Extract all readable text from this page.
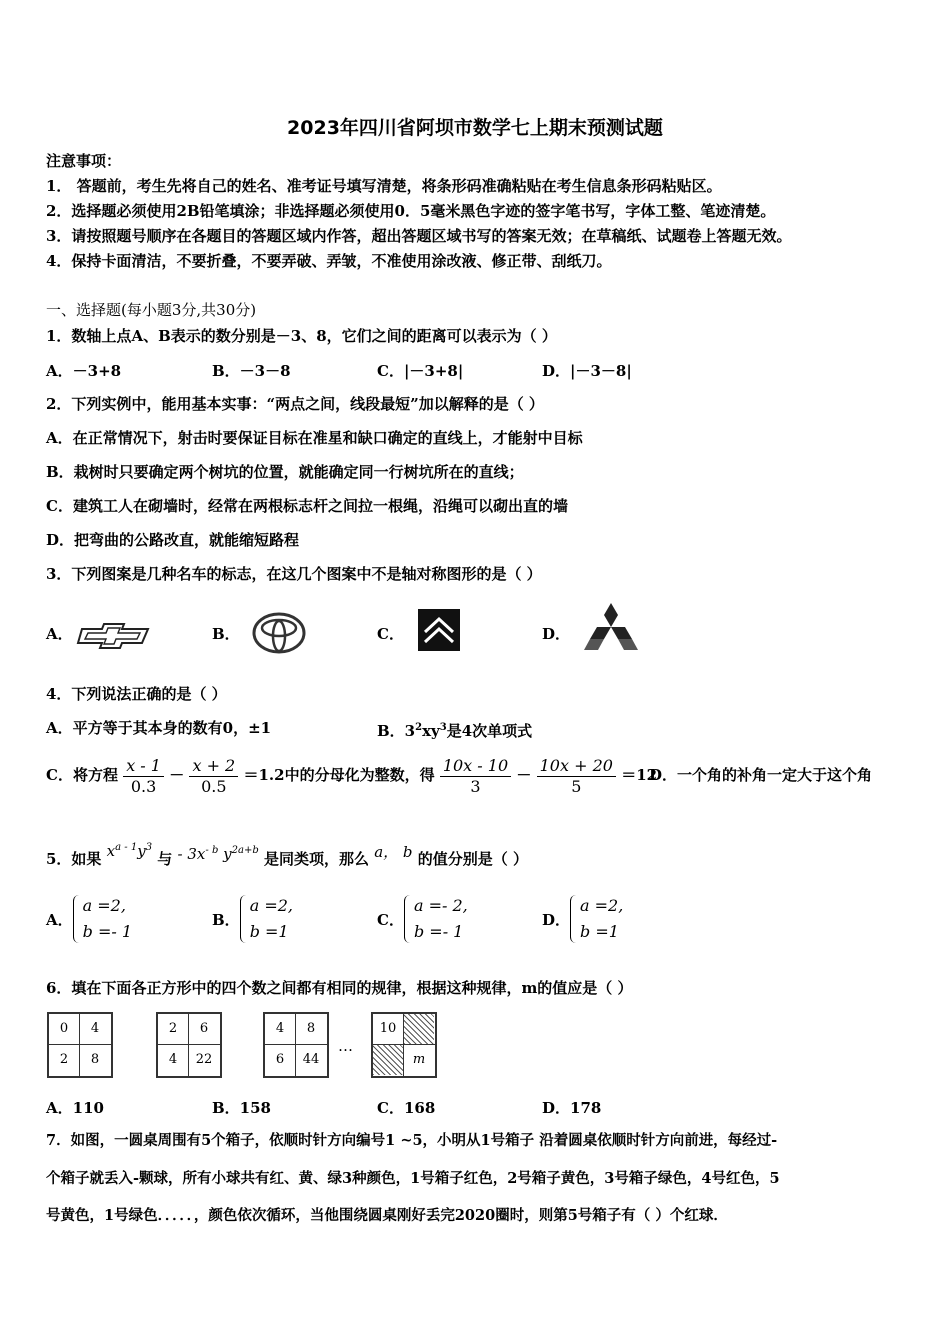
2023年四川省阿坝市数学七上期末预测试题
注意事项：
1． 答题前，考生先将自己的姓名、准考证号填写清楚，将条形码准确粘贴在考生信息条形码粘贴区。
2．选择题必须使用2B铅笔填涂；非选择题必须使用0．5毫米黑色字迹的签字笔书写，字体工整、笔迹清楚。
3．请按照题号顺序在各题目的答题区域内作答，超出答题区域书写的答案无效；在草稿纸、试题卷上答题无效。
4．保持卡面清洁，不要折叠，不要弄破、弄皱，不准使用涂改液、修正带、刮纸刀。
一、选择题(每小题3分,共30分)
1．数轴上点A、B表示的数分别是－3、8，它们之间的距离可以表示为（ ）
A．－3+8	B．－3－8	C．|－3+8|	D．|－3－8|
2．下列实例中，能用基本实事：“两点之间，线段最短”加以解释的是（ ）
A．在正常情况下，射击时要保证目标在准星和缺口确定的直线上，才能射中目标
B．栽树时只要确定两个树坑的位置，就能确定同一行树坑所在的直线；
C．建筑工人在砌墙时，经常在两根标志杆之间拉一根绳，沿绳可以砌出直的墙
D．把弯曲的公路改直，就能缩短路程
3．下列图案是几种名车的标志，在这几个图案中不是轴对称图形的是（ ）
A．	B．	C．	D．
4．下列说法正确的是（ ）
A．平方等于其本身的数有0，±1	B．$3^2xy^3$是4次单项式
C．将方程 $\frac{x - 1}{0.3} - \frac{x + 2}{0.5} =1.2$中的分母化为整数，得 $\frac{10x - 10}{3} - \frac{10x + 20}{5} =12$
D．一个角的补角一定大于这个角
5．如果 $x^{a - 1}y^3$ 与 - $3x^{- b}$ $y^{2a+b}$ 是同类项，那么 a， b 的值分别是（ ）
A．
a =2,
b =- 1
B．
a =2,
b =1
C．
a =- 2,
b =- 1
D．
a =2,
b =1
6．填在下面各正方形中的四个数之间都有相同的规律，根据这种规律，m的值应是（ ）
0	4
2	8
2	6
4	22
4	8
6	44
…
10
m
A．110	B．158	C．168	D．178
7．如图，一圆桌周围有5个箱子，依顺时针方向编号1 ~5，小明从1号箱子 沿着圆桌依顺时针方向前进，每经过-
个箱子就丢入-颗球，所有小球共有红、黄、绿3种颜色，1号箱子红色，2号箱子黄色，3号箱子绿色，4号红色，5
号黄色，1号绿色．．．．．，颜色依次循环，当他围绕圆桌刚好丢完2020圈时，则第5号箱子有（ ）个红球．
